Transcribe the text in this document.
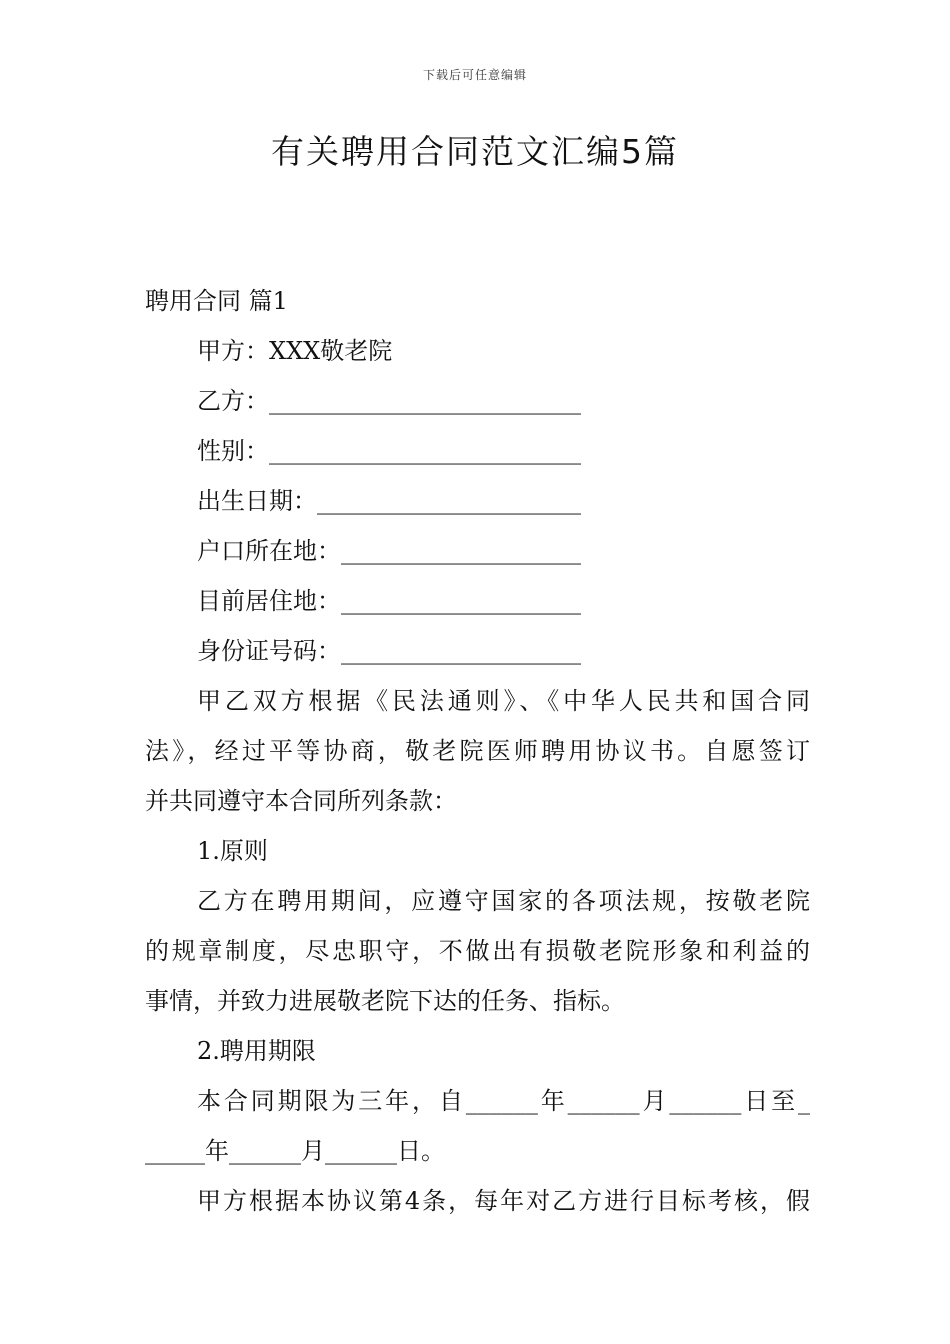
下载后可任意编辑
有关聘用合同范文汇编5篇
聘用合同 篇1
甲方：XXX敬老院
乙方：__________________________
性别：__________________________
出生日期：______________________
户口所在地：____________________
目前居住地：____________________
身份证号码：____________________
甲乙双方根据《民法通则》、《中华人民共和国合同
法》，经过平等协商，敬老院医师聘用协议书。自愿签订
并共同遵守本合同所列条款：
1.原则
乙方在聘用期间，应遵守国家的各项法规，按敬老院
的规章制度，尽忠职守，不做出有损敬老院形象和利益的
事情，并致力进展敬老院下达的任务、指标。
2.聘用期限
本合同期限为三年，自______年______月______日至_
_____年______月______日。
甲方根据本协议第4条，每年对乙方进行目标考核，假
